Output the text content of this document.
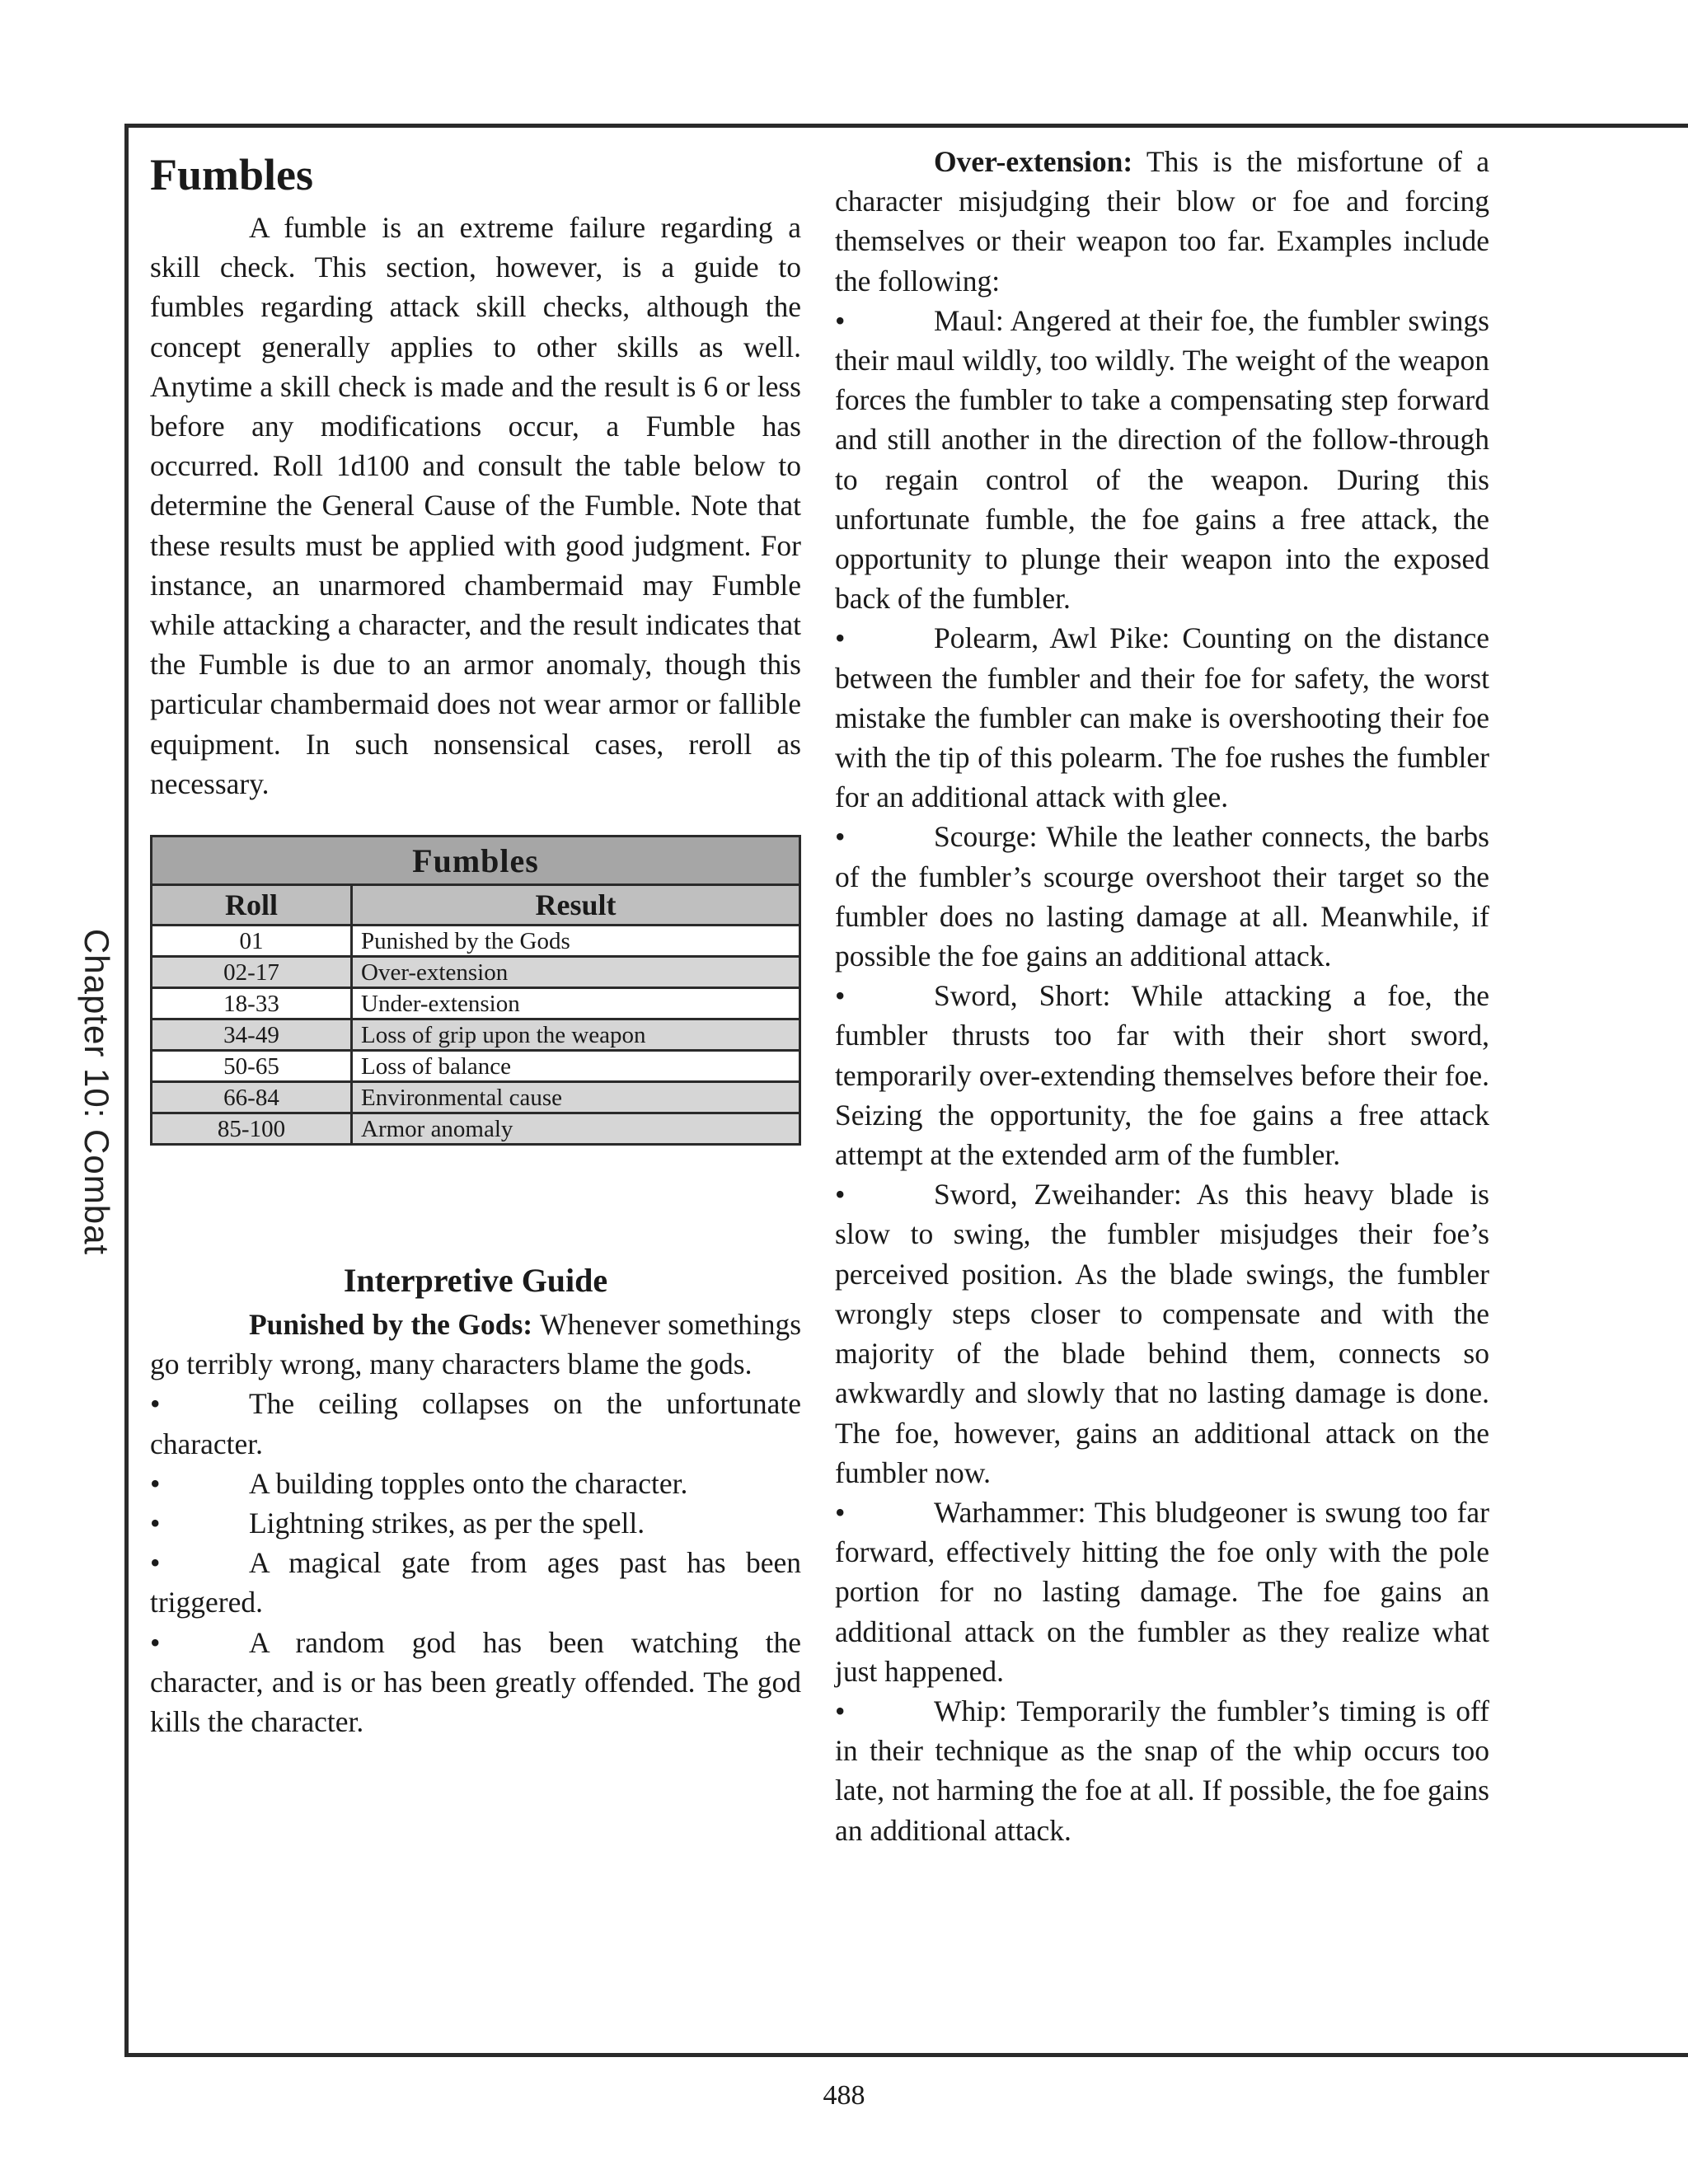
Chapter 10: Combat
Fumbles

A fumble is an extreme failure regarding a skill check. This section, however, is a guide to fumbles regarding attack skill checks, although the concept generally applies to other skills as well. Anytime a skill check is made and the result is 6 or less before any modifications occur, a Fumble has occurred. Roll 1d100 and consult the table below to determine the General Cause of the Fumble. Note that these results must be applied with good judgment. For instance, an unarmored chambermaid may Fumble while attacking a character, and the result indicates that the Fumble is due to an armor anomaly, though this particular chambermaid does not wear armor or fallible equipment. In such nonsensical cases, reroll as necessary.

Fumbles	
Roll	Result
01	Punished by the Gods
02-17	Over-extension
18-33	Under-extension
34-49	Loss of grip upon the weapon
50-65	Loss of balance
66-84	Environmental cause
85-100	Armor anomaly
Interpretive Guide

Punished by the Gods: Whenever somethings go terribly wrong, many characters blame the gods.

•	The ceiling collapses on the unfortunate character.

•	A building topples onto the character.

•	Lightning strikes, as per the spell.

•	A magical gate from ages past has been triggered.

•	A random god has been watching the character, and is or has been greatly offended. The god kills the character.

Over-extension: This is the misfortune of a character misjudging their blow or foe and forcing themselves or their weapon too far. Examples include the following:

•	Maul: Angered at their foe, the fumbler swings their maul wildly, too wildly. The weight of the weapon forces the fumbler to take a compensating step forward and still another in the direction of the follow-through to regain control of the weapon. During this unfortunate fumble, the foe gains a free attack, the opportunity to plunge their weapon into the exposed back of the fumbler.

•	Polearm, Awl Pike: Counting on the distance between the fumbler and their foe for safety, the worst mistake the fumbler can make is overshooting their foe with the tip of this polearm. The foe rushes the fumbler for an additional attack with glee.

•	Scourge: While the leather connects, the barbs of the fumbler’s scourge overshoot their target so the fumbler does no lasting damage at all. Meanwhile, if possible the foe gains an additional attack.

•	Sword, Short: While attacking a foe, the fumbler thrusts too far with their short sword, temporarily over-extending themselves before their foe. Seizing the opportunity, the foe gains a free attack attempt at the extended arm of the fumbler.

•	Sword, Zweihander: As this heavy blade is slow to swing, the fumbler misjudges their foe’s perceived position. As the blade swings, the fumbler wrongly steps closer to compensate and with the majority of the blade behind them, connects so awkwardly and slowly that no lasting damage is done. The foe, however, gains an additional attack on the fumbler now.

•	Warhammer: This bludgeoner is swung too far forward, effectively hitting the foe only with the pole portion for no lasting damage. The foe gains an additional attack on the fumbler as they realize what just happened.

•	Whip: Temporarily the fumbler’s timing is off in their technique as the snap of the whip occurs too late, not harming the foe at all. If possible, the foe gains an additional attack.

488
